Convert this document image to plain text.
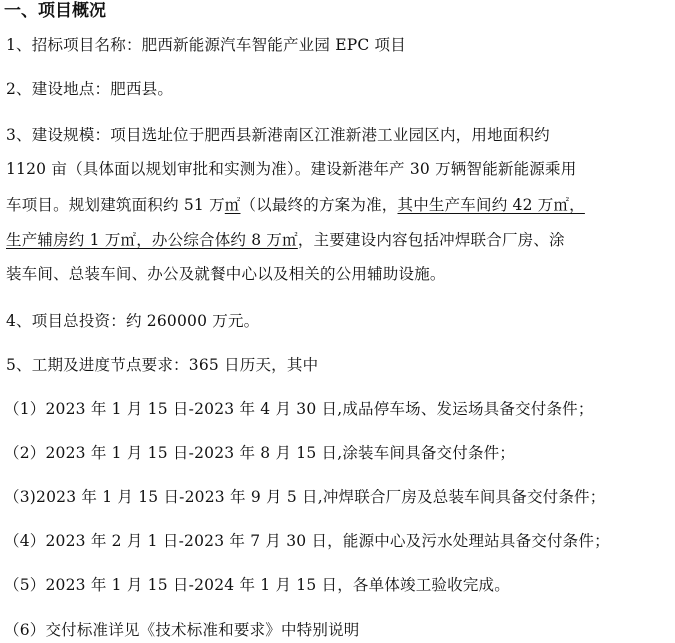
一、项目概况
1、招标项目名称：肥西新能源汽车智能产业园 EPC 项目
2、建设地点：肥西县。
3、建设规模：项目选址位于肥西县新港南区江淮新港工业园区内，用地面积约
1120 亩（具体面以规划审批和实测为准）。建设新港年产 30 万辆智能新能源乘用
车项目。规划建筑面积约 51 万㎡（以最终的方案为准，其中生产车间约 42 万㎡，
生产辅房约 1 万㎡，办公综合体约 8 万㎡，主要建设内容包括冲焊联合厂房、涂
装车间、总装车间、办公及就餐中心以及相关的公用辅助设施。
4、项目总投资：约 260000 万元。
5、工期及进度节点要求：365 日历天，其中
（1）2023 年 1 月 15 日-2023 年 4 月 30 日,成品停车场、发运场具备交付条件；
（2）2023 年 1 月 15 日-2023 年 8 月 15 日,涂装车间具备交付条件；
（3)2023 年 1 月 15 日-2023 年 9 月 5 日,冲焊联合厂房及总装车间具备交付条件；
（4）2023 年 2 月 1 日-2023 年 7 月 30 日，能源中心及污水处理站具备交付条件；
（5）2023 年 1 月 15 日-2024 年 1 月 15 日，各单体竣工验收完成。
（6）交付标准详见《技术标准和要求》中特别说明
